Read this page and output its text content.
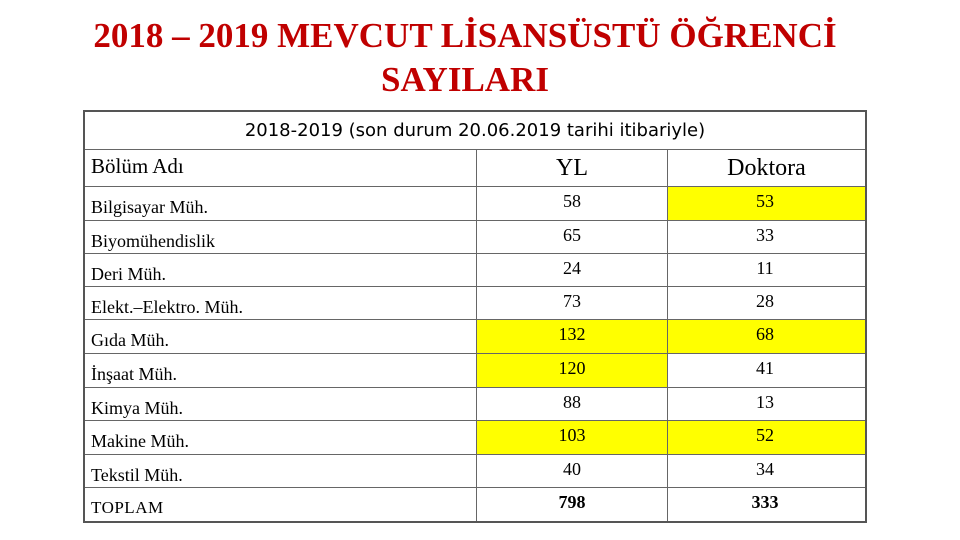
2018 – 2019 MEVCUT LİSANSÜSTÜ ÖĞRENCİ
SAYILARI
2018-2019 (son durum 20.06.2019 tarihi itibariyle)
Bölüm Adı	YL	Doktora
Bilgisayar Müh.	58	53
Biyomühendislik	65	33
Deri Müh.	24	11
Elekt.–Elektro. Müh.	73	28
Gıda Müh.	132	68
İnşaat Müh.	120	41
Kimya Müh.	88	13
Makine Müh.	103	52
Tekstil Müh.	40	34
TOPLAM	798	333
